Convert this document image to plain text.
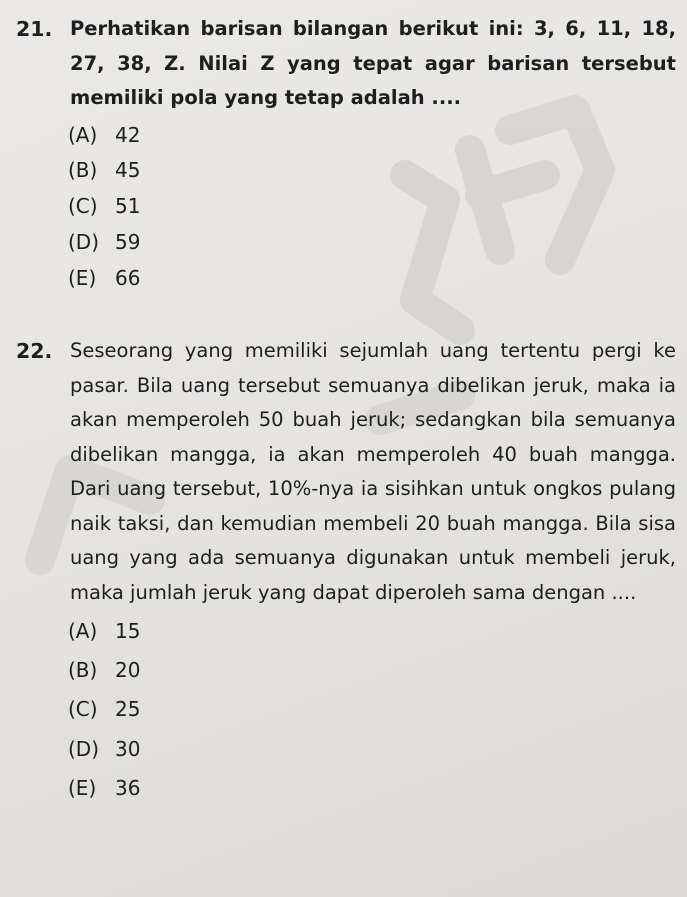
21. Perhatikan barisan bilangan berikut ini: 3, 6, 11, 18, 27, 38, Z. Nilai Z yang tepat agar barisan tersebut memiliki pola yang tetap adalah ....
(A) 42
(B) 45
(C) 51
(D) 59
(E) 66
22. Seseorang yang memiliki sejumlah uang tertentu pergi ke pasar. Bila uang tersebut semuanya dibelikan jeruk, maka ia akan memperoleh 50 buah jeruk; sedangkan bila semuanya dibelikan mangga, ia akan memperoleh 40 buah mangga. Dari uang tersebut, 10%-nya ia sisihkan untuk ongkos pulang naik taksi, dan kemudian membeli 20 buah mangga. Bila sisa uang yang ada semuanya digunakan untuk membeli jeruk, maka jumlah jeruk yang dapat diperoleh sama dengan ....
(A) 15
(B) 20
(C) 25
(D) 30
(E) 36
